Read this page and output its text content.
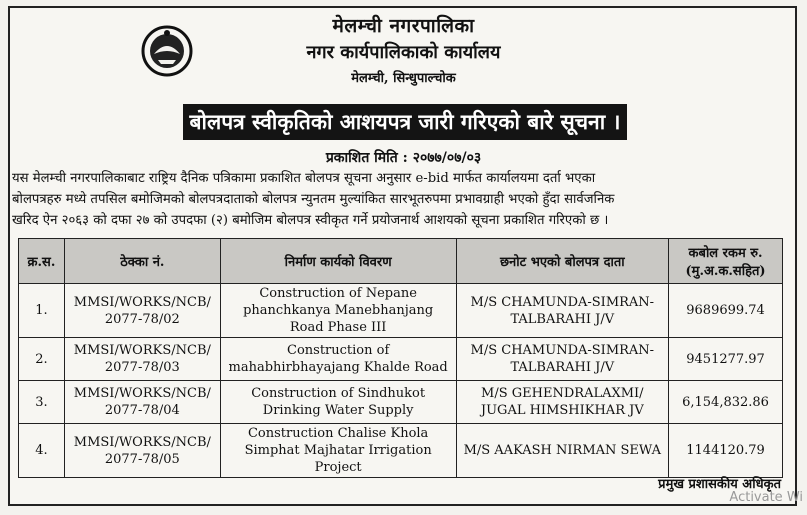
मेलम्ची नगरपालिका
नगर कार्यपालिकाको कार्यालय
मेलम्ची, सिन्धुपाल्चोक
बोलपत्र स्वीकृतिको आशयपत्र जारी गरिएको बारे सूचना ।
प्रकाशित मिति : २०७७/०७/०३
यस मेलम्ची नगरपालिकाबाट राष्ट्रिय दैनिक पत्रिकामा प्रकाशित बोलपत्र सूचना अनुसार e-bid मार्फत कार्यालयमा दर्ता भएका
बोलपत्रहरु मध्ये तपसिल बमोजिमको बोलपत्रदाताको बोलपत्र न्युनतम मुल्यांकित सारभूतरुपमा प्रभावग्राही भएको हुँदा सार्वजनिक
खरिद ऐन २०६३ को दफा २७ को उपदफा (२) बमोजिम बोलपत्र स्वीकृत गर्ने प्रयोजनार्थ आशयको सूचना प्रकाशित गरिएको छ ।
क्र.स.	ठेक्का नं.	निर्माण कार्यको विवरण	छनोट भएको बोलपत्र दाता	कबोल रकम रु. (मु.अ.क.सहित)
1.	MMSI/WORKS/NCB/ 2077-78/02	Construction of Nepane phanchkanya Manebhanjang Road Phase III	M/S CHAMUNDA-SIMRAN- TALBARAHI J/V	9689699.74
2.	MMSI/WORKS/NCB/ 2077-78/03	Construction of mahabhirbhayajang Khalde Road	M/S CHAMUNDA-SIMRAN- TALBARAHI J/V	9451277.97
3.	MMSI/WORKS/NCB/ 2077-78/04	Construction of Sindhukot Drinking Water Supply	M/S GEHENDRALAXMI/ JUGAL HIMSHIKHAR JV	6,154,832.86
4.	MMSI/WORKS/NCB/ 2077-78/05	Construction Chalise Khola Simphat Majhatar Irrigation Project	M/S AAKASH NIRMAN SEWA	1144120.79
प्रमुख प्रशासकीय अधिकृत
Activate Wi
